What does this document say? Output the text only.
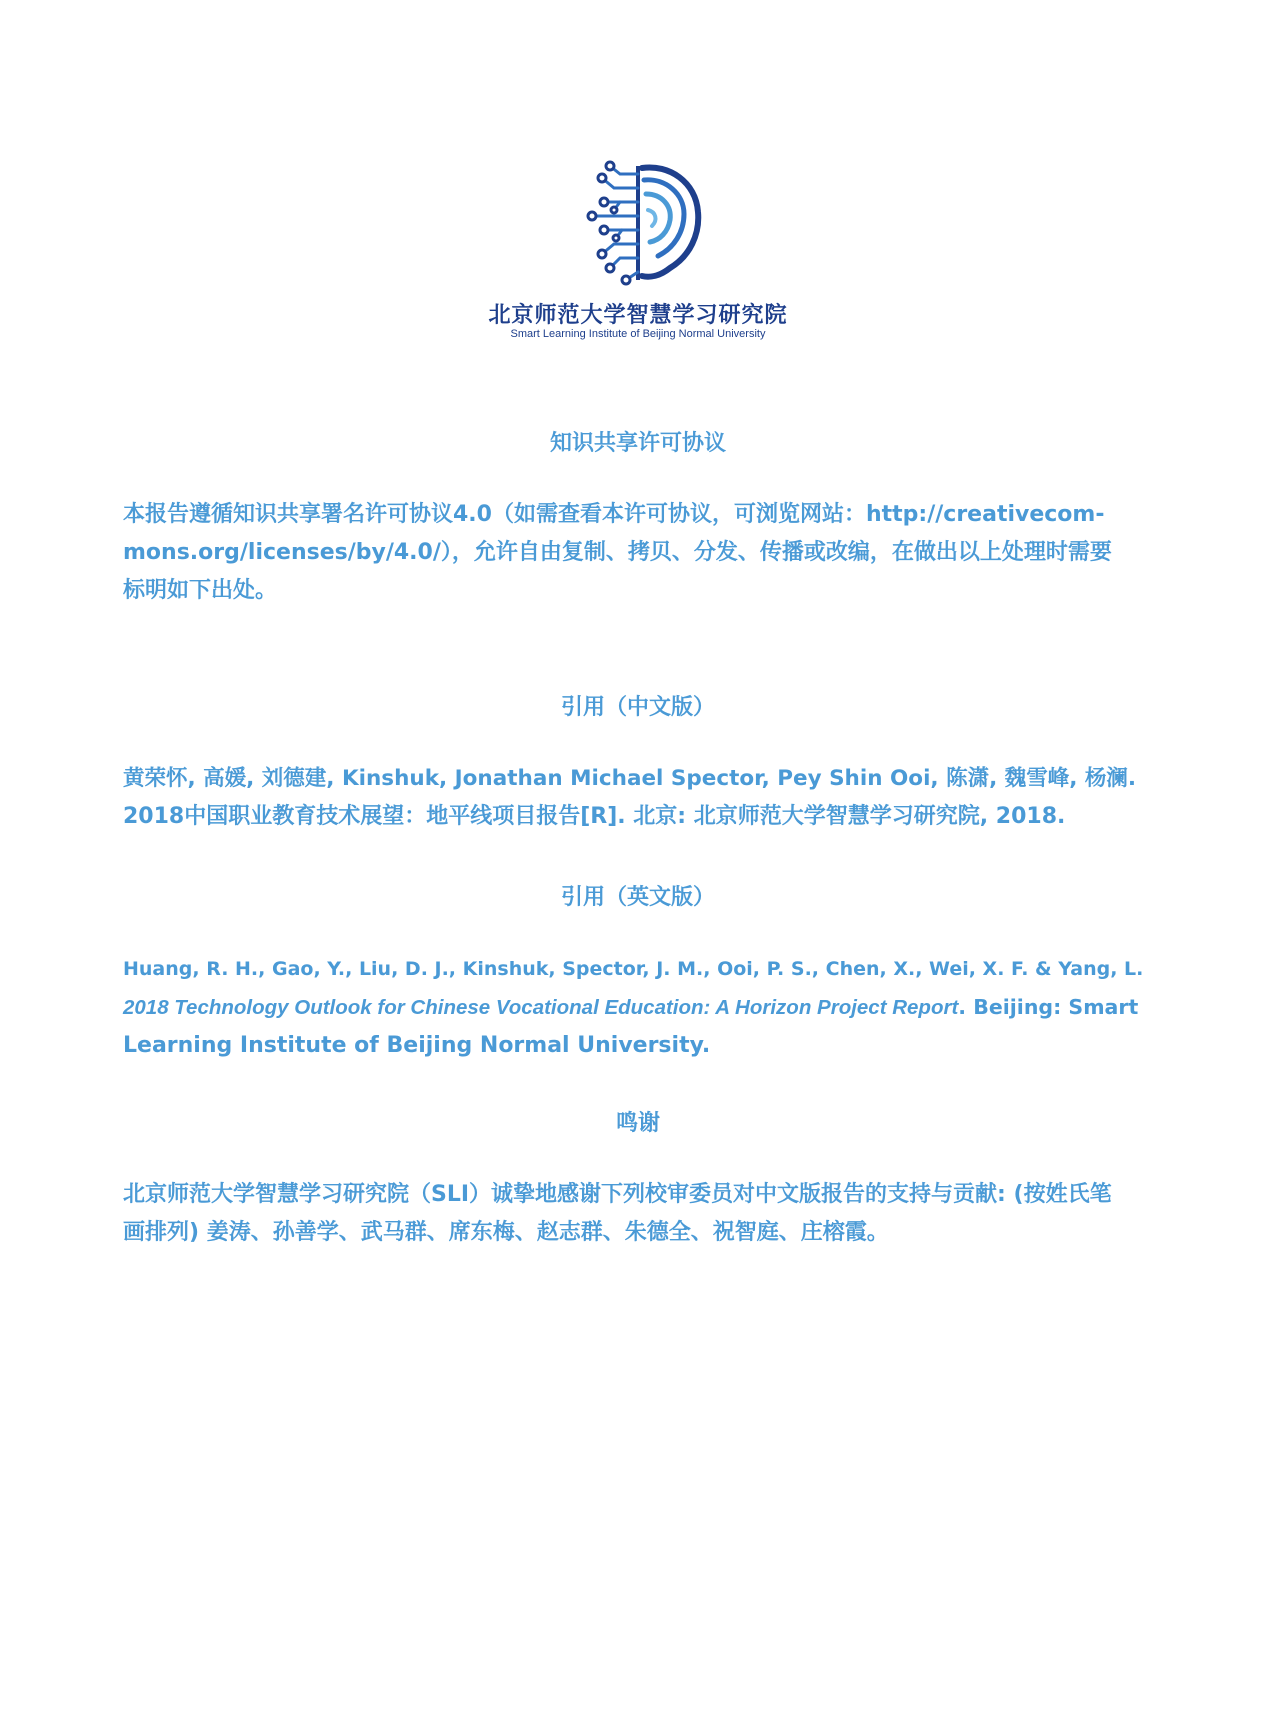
北京师范大学智慧学习研究院
Smart Learning Institute of Beijing Normal University
知识共享许可协议
本报告遵循知识共享署名许可协议4.0（如需查看本许可协议，可浏览网站：http://creativecom-
mons.org/licenses/by/4.0/），允许自由复制、拷贝、分发、传播或改编，在做出以上处理时需要
标明如下出处。
引用（中文版）
黄荣怀, 高媛, 刘德建, Kinshuk, Jonathan Michael Spector, Pey Shin Ooi, 陈潇, 魏雪峰, 杨澜.
2018中国职业教育技术展望：地平线项目报告[R]. 北京: 北京师范大学智慧学习研究院, 2018.
引用（英文版）
Huang, R. H., Gao, Y., Liu, D. J., Kinshuk, Spector, J. M., Ooi, P. S., Chen, X., Wei, X. F. & Yang, L.
2018 Technology Outlook for Chinese Vocational Education: A Horizon Project Report. Beijing: Smart
Learning Institute of Beijing Normal University.
鸣谢
北京师范大学智慧学习研究院（SLI）诚挚地感谢下列校审委员对中文版报告的支持与贡献: (按姓氏笔
画排列) 姜涛、孙善学、武马群、席东梅、赵志群、朱德全、祝智庭、庄榕霞。
